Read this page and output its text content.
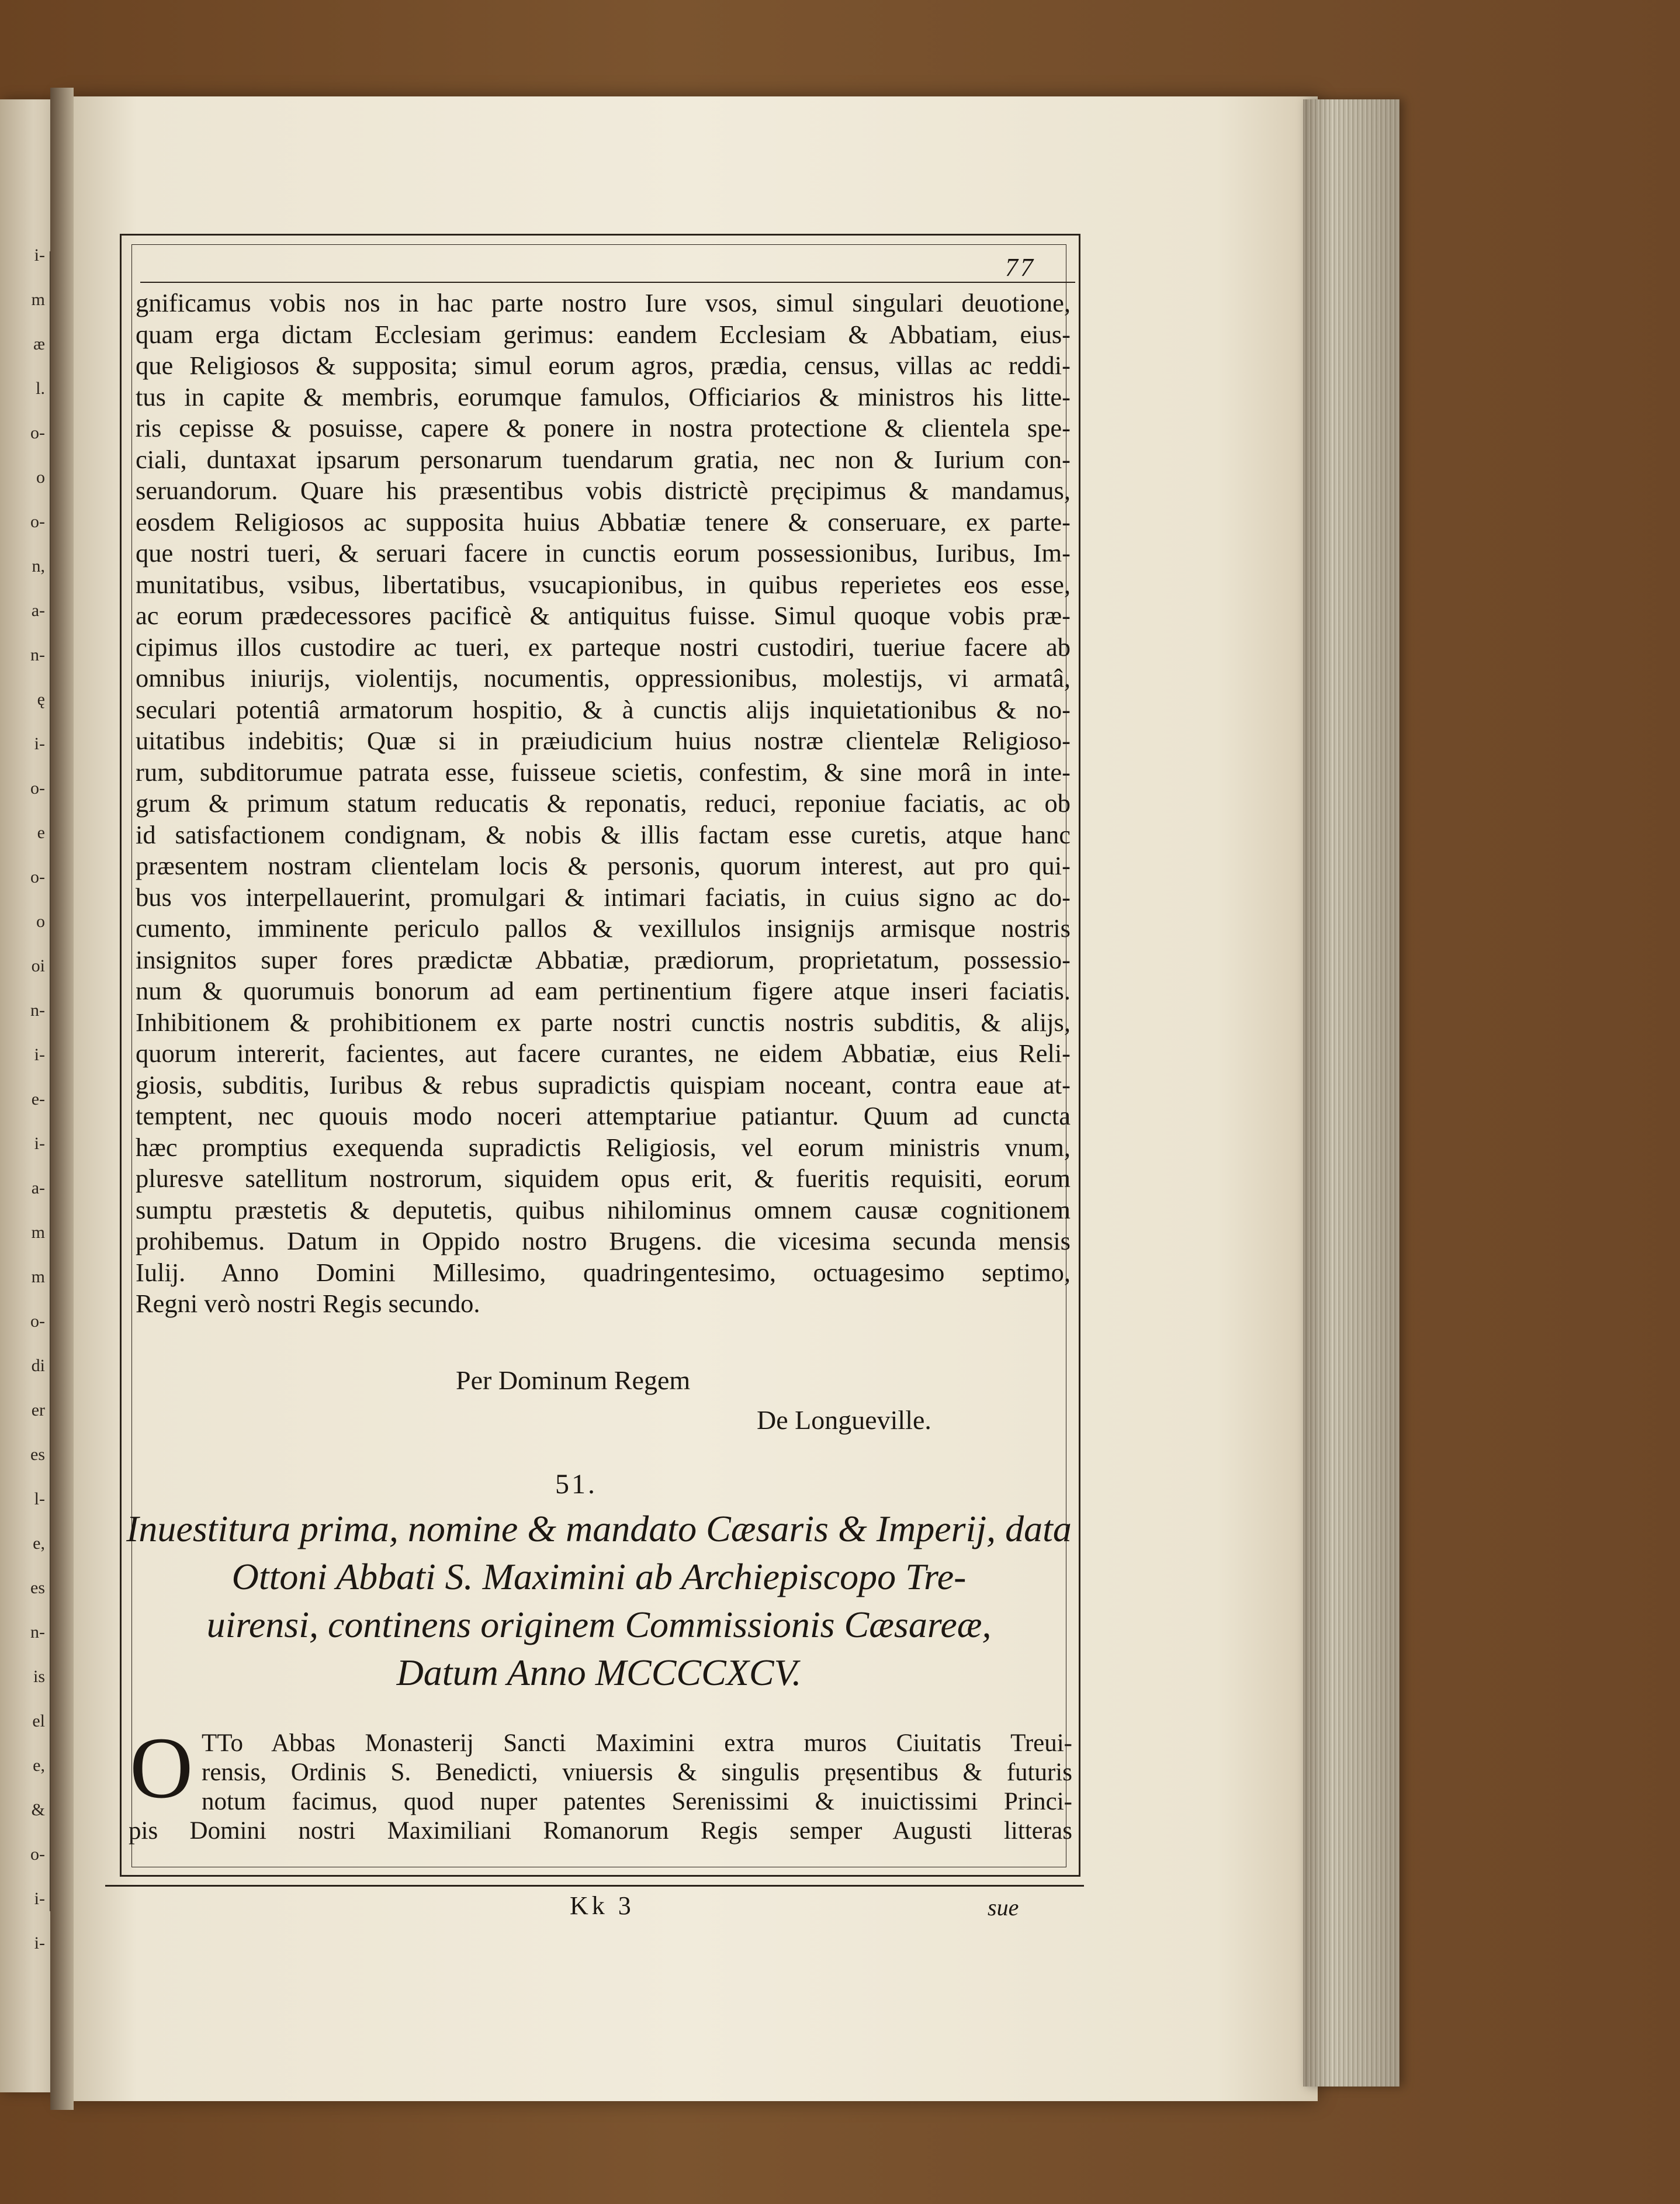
i-
m
æ
l.
o-
o
o-
n,
a-
n-
ę
i-
o-
e
o-
o
oi
n-
i-
e-
i-
a-
m
m
o-
di
er
es
l-
e,
es
n-
is
el
e,
&
o-
i-
i-
77
gnificamus vobis nos in hac parte nostro Iure vsos, simul singulari deuotione,
quam erga dictam Ecclesiam gerimus: eandem Ecclesiam & Abbatiam, eius-
que Religiosos & supposita; simul eorum agros, prædia, census, villas ac reddi-
tus in capite & membris, eorumque famulos, Officiarios & ministros his litte-
ris cepisse & posuisse, capere & ponere in nostra protectione & clientela spe-
ciali, duntaxat ipsarum personarum tuendarum gratia, nec non & Iurium con-
seruandorum. Quare his præsentibus vobis districtè pręcipimus & mandamus,
eosdem Religiosos ac supposita huius Abbatiæ tenere & conseruare, ex parte-
que nostri tueri, & seruari facere in cunctis eorum possessionibus, Iuribus, Im-
munitatibus, vsibus, libertatibus, vsucapionibus, in quibus reperietes eos esse,
ac eorum prædecessores pacificè & antiquitus fuisse. Simul quoque vobis præ-
cipimus illos custodire ac tueri, ex parteque nostri custodiri, tueriue facere ab
omnibus iniurijs, violentijs, nocumentis, oppressionibus, molestijs, vi armatâ,
seculari potentiâ armatorum hospitio, & à cunctis alijs inquietationibus & no-
uitatibus indebitis; Quæ si in præiudicium huius nostræ clientelæ Religioso-
rum, subditorumue patrata esse, fuisseue scietis, confestim, & sine morâ in inte-
grum & primum statum reducatis & reponatis, reduci, reponiue faciatis, ac ob
id satisfactionem condignam, & nobis & illis factam esse curetis, atque hanc
præsentem nostram clientelam locis & personis, quorum interest, aut pro qui-
bus vos interpellauerint, promulgari & intimari faciatis, in cuius signo ac do-
cumento, imminente periculo pallos & vexillulos insignijs armisque nostris
insignitos super fores prædictæ Abbatiæ, prædiorum, proprietatum, possessio-
num & quorumuis bonorum ad eam pertinentium figere atque inseri faciatis.
Inhibitionem & prohibitionem ex parte nostri cunctis nostris subditis, & alijs,
quorum intererit, facientes, aut facere curantes, ne eidem Abbatiæ, eius Reli-
giosis, subditis, Iuribus & rebus supradictis quispiam noceant, contra eaue at-
temptent, nec quouis modo noceri attemptariue patiantur. Quum ad cuncta
hæc promptius exequenda supradictis Religiosis, vel eorum ministris vnum,
pluresve satellitum nostrorum, siquidem opus erit, & fueritis requisiti, eorum
sumptu præstetis & deputetis, quibus nihilominus omnem causæ cognitionem
prohibemus. Datum in Oppido nostro Brugens. die vicesima secunda mensis
Iulij. Anno Domini Millesimo, quadringentesimo, octuagesimo septimo,
Regni verò nostri Regis secundo.
Per Dominum Regem
De Longueville.
51.
Inuestitura prima, nomine & mandato Cæsaris & Imperij, data
Ottoni Abbati S. Maximini ab Archiepiscopo Tre-
uirensi, continens originem Commissionis Cæsareæ,
Datum Anno MCCCCXCV.
O TTo Abbas Monasterij Sancti Maximini extra muros Ciuitatis Treui-
rensis, Ordinis S. Benedicti, vniuersis & singulis pręsentibus & futuris
notum facimus, quod nuper patentes Serenissimi & inuictissimi Princi-
pis Domini nostri Maximiliani Romanorum Regis semper Augusti litteras
Kk 3	sue
